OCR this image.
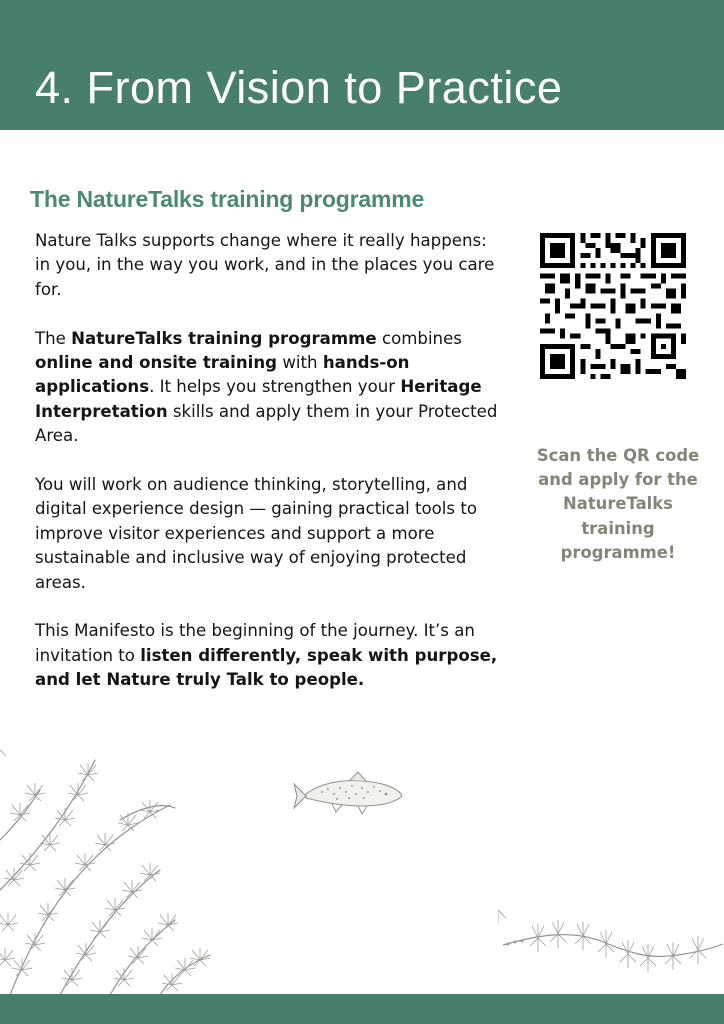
4. From Vision to Practice
The NatureTalks training programme

Nature Talks supports change where it really happens: in you, in the way you work, and in the places you care for.

The NatureTalks training programme combines online and onsite training with hands-on applications. It helps you strengthen your Heritage Interpretation skills and apply them in your Protected Area.

You will work on audience thinking, storytelling, and digital experience design — gaining practical tools to improve visitor experiences and support a more sustainable and inclusive way of enjoying protected areas.

This Manifesto is the beginning of the journey. It’s an invitation to listen differently, speak with purpose, and let Nature truly Talk to people.

Scan the QR code
and apply for the
NatureTalks
training
programme!
